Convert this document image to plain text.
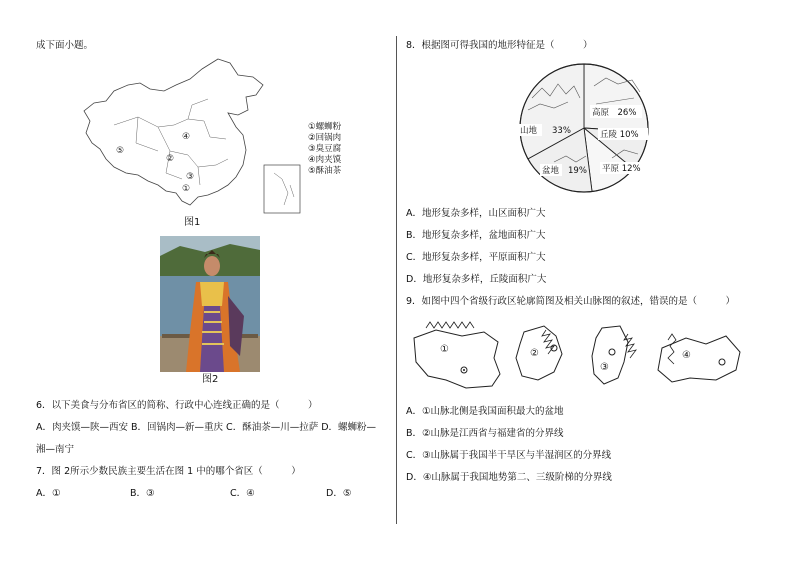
成下面小题。
⑤
②
④
③
①
①螺蛳粉
②回锅肉
③臭豆腐
④肉夹馍
⑤酥油茶
图1
图2
6．以下美食与分布省区的简称、行政中心连线正确的是（　　　）
A．肉夹馍—陕—西安 B．回锅肉—新—重庆 C．酥油茶—川—拉萨 D．螺蛳粉—
湘—南宁
7．图 2所示少数民族主要生活在图 1 中的哪个省区（　　　）
A．①	B．③	C．④	D．⑤
8．根据图可得我国的地形特征是（　　　）
高原　26%
山地 33%	丘陵 10%
平原 12%
盆地 19%
A．地形复杂多样，山区面积广大
B．地形复杂多样，盆地面积广大
C．地形复杂多样，平原面积广大
D．地形复杂多样，丘陵面积广大
9．如图中四个省级行政区轮廓简图及相关山脉图的叙述，错误的是（　　　）
①	②
③
④
A．①山脉北侧是我国面积最大的盆地
B．②山脉是江西省与福建省的分界线
C．③山脉属于我国半干旱区与半湿润区的分界线
D．④山脉属于我国地势第二、三级阶梯的分界线
